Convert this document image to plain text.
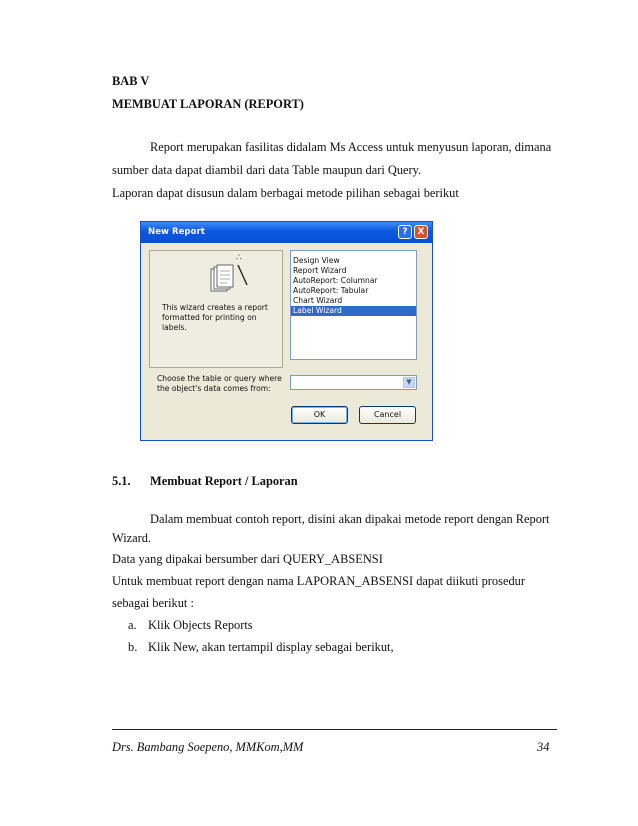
BAB V
MEMBUAT LAPORAN (REPORT)
Report merupakan fasilitas didalam Ms Access untuk menyusun laporan, dimana
sumber data dapat diambil dari data Table maupun dari Query.
Laporan dapat disusun dalam berbagai metode pilihan sebagai berikut
New Report	?	X
∴
This wizard creates a report
formatted for printing on
labels.
Design View
Report Wizard
AutoReport: Columnar
AutoReport: Tabular
Chart Wizard
Label Wizard
Choose the table or query where
the object's data comes from:
▼
OK	Cancel
5.1. Membuat Report / Laporan
Dalam membuat contoh report, disini akan dipakai metode report dengan Report
Wizard.
Data yang dipakai bersumber dari QUERY_ABSENSI
Untuk membuat report dengan nama LAPORAN_ABSENSI dapat diikuti prosedur
sebagai berikut :
a. Klik Objects Reports
b. Klik New, akan tertampil display sebagai berikut,
Drs. Bambang Soepeno, MMKom,MM	34
